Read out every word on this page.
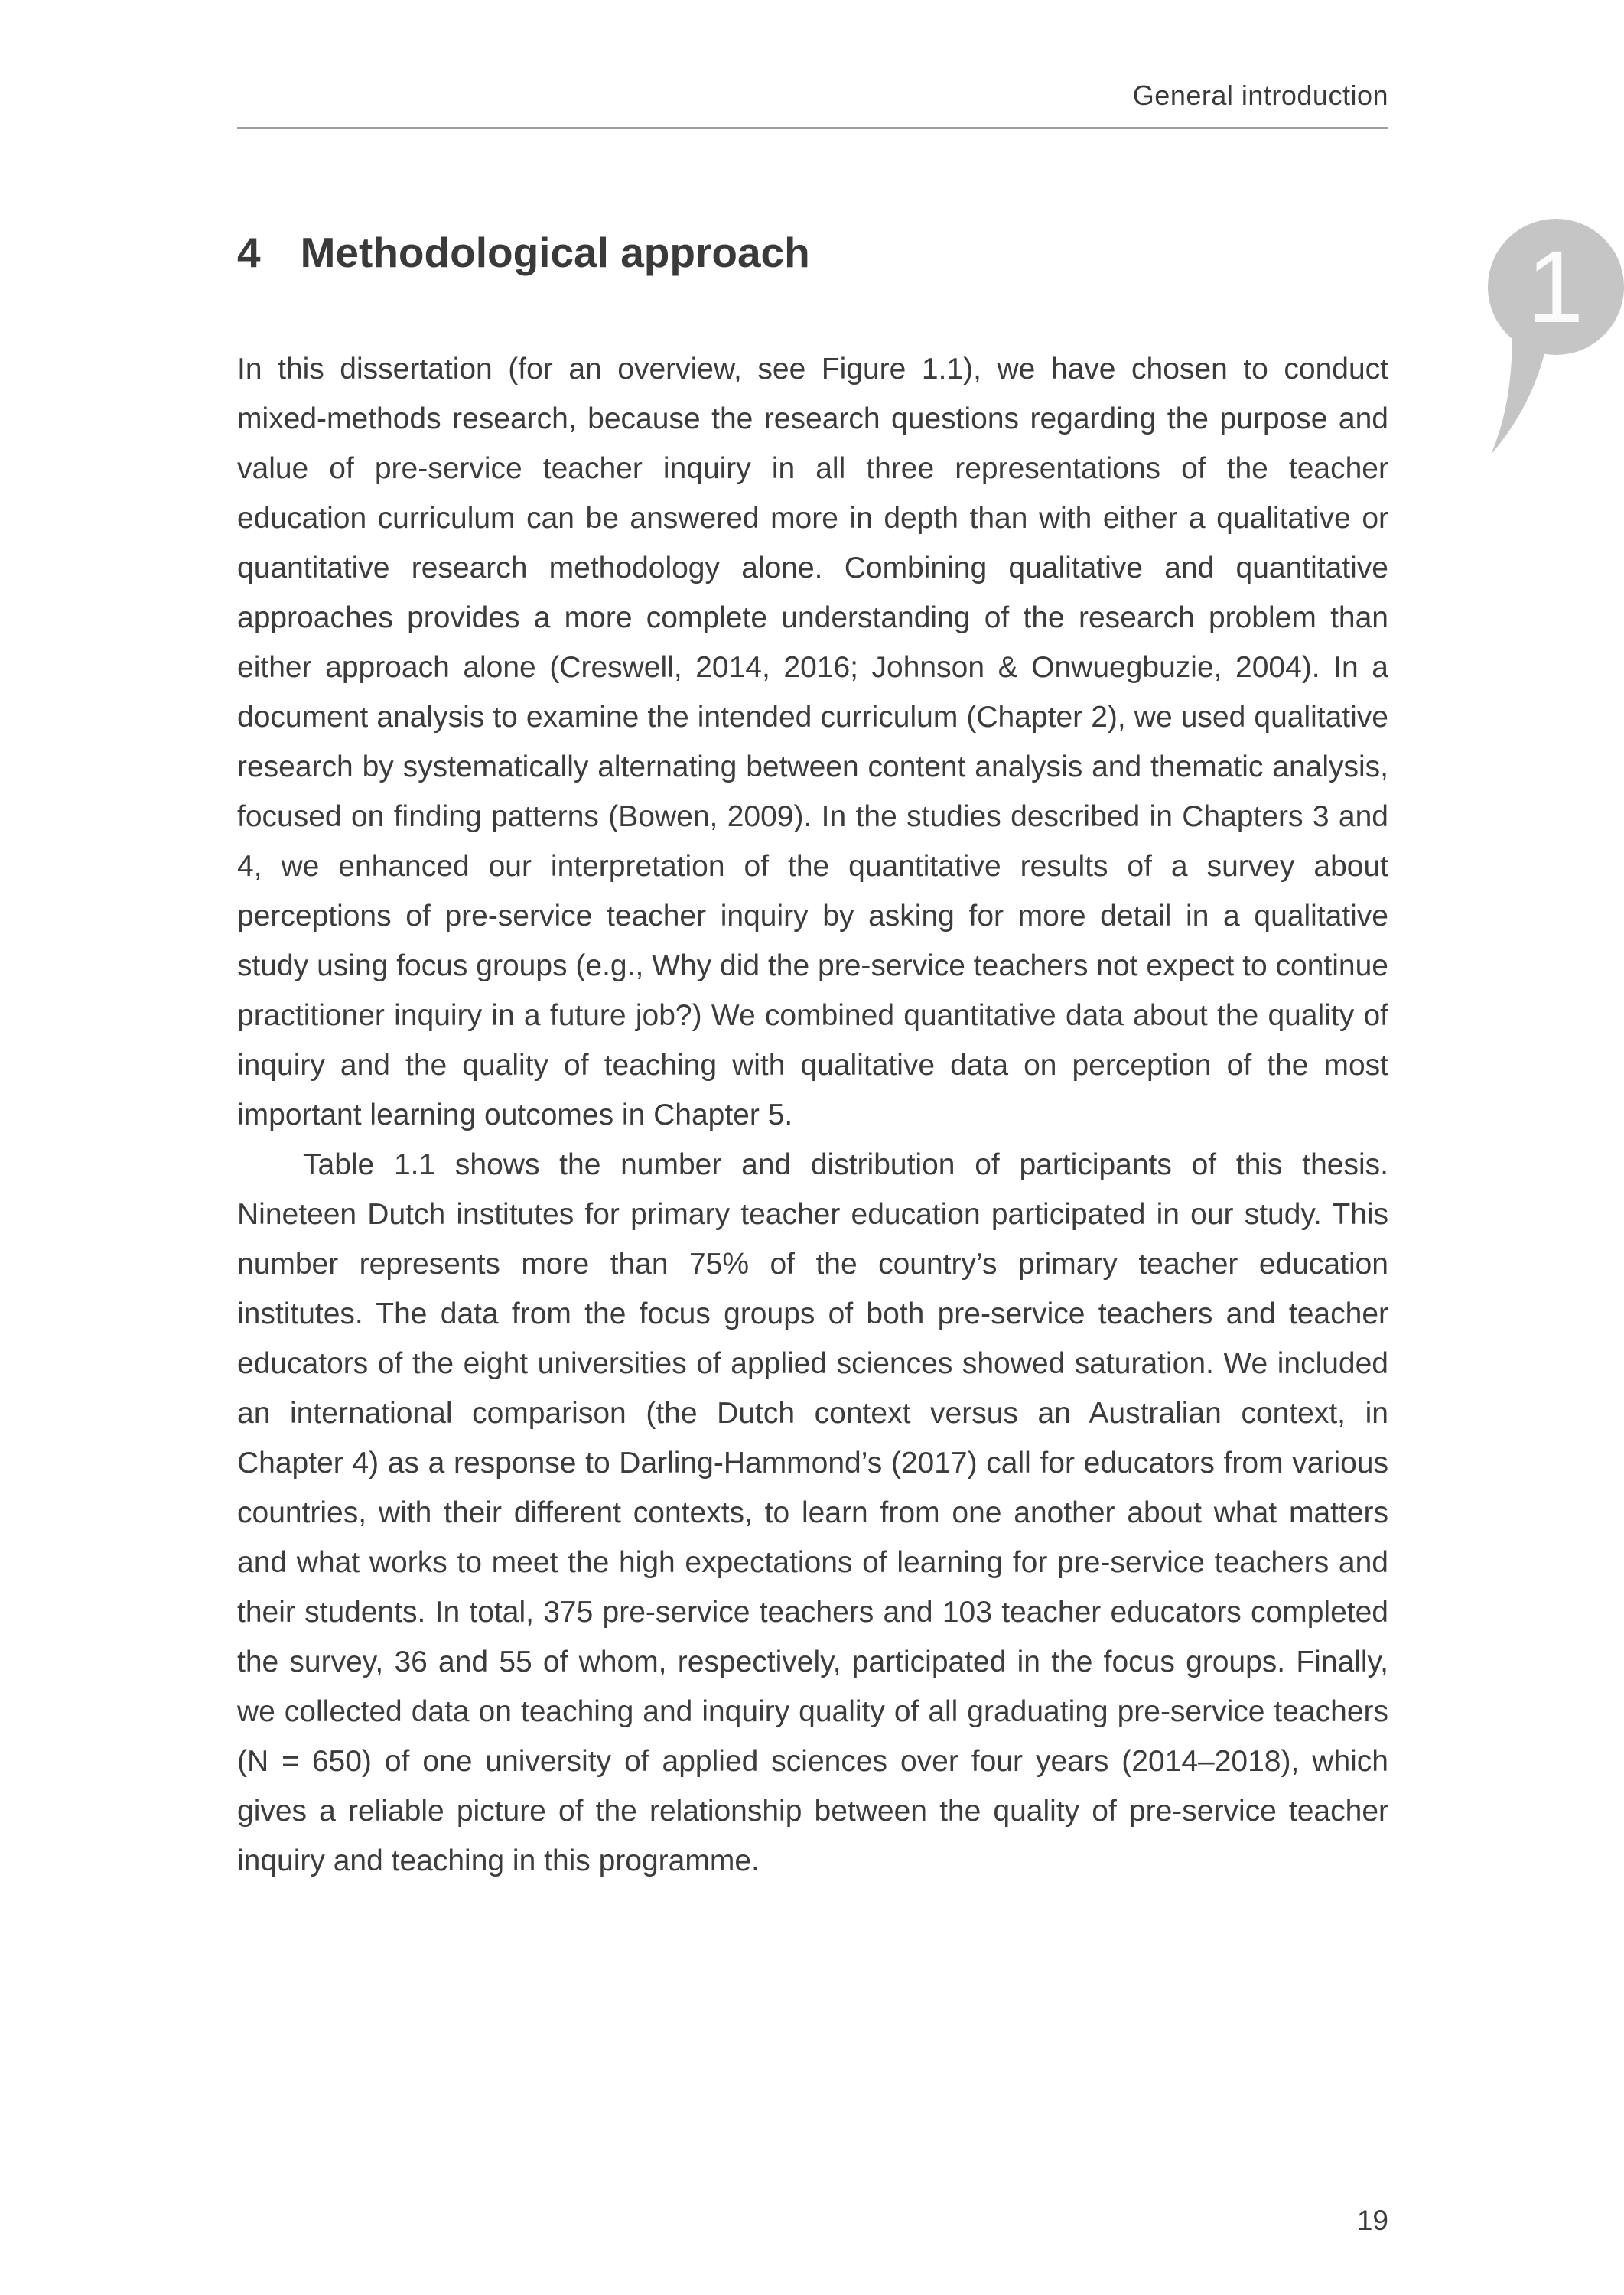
General introduction
1
4 Methodological approach

In this dissertation (for an overview, see Figure 1.1), we have chosen to conduct mixed-methods research, because the research questions regarding the purpose and value of pre-service teacher inquiry in all three representations of the teacher education curriculum can be answered more in depth than with either a qualitative or quantitative research methodology alone. Combining qualitative and quantitative approaches provides a more complete understanding of the research problem than either approach alone (Creswell, 2014, 2016; Johnson & Onwuegbuzie, 2004). In a document analysis to examine the intended curriculum (Chapter 2), we used qualitative research by systematically alternating between content analysis and thematic analysis, focused on finding patterns (Bowen, 2009). In the studies described in Chapters 3 and 4, we enhanced our interpretation of the quantitative results of a survey about perceptions of pre-service teacher inquiry by asking for more detail in a qualitative study using focus groups (e.g., Why did the pre-service teachers not expect to continue practitioner inquiry in a future job?) We combined quantitative data about the quality of inquiry and the quality of teaching with qualitative data on perception of the most important learning outcomes in Chapter 5.

Table 1.1 shows the number and distribution of participants of this thesis. Nineteen Dutch institutes for primary teacher education participated in our study. This number represents more than 75% of the country’s primary teacher education institutes. The data from the focus groups of both pre-service teachers and teacher educators of the eight universities of applied sciences showed saturation. We included an international comparison (the Dutch context versus an Australian context, in Chapter 4) as a response to Darling-Hammond’s (2017) call for educators from various countries, with their different contexts, to learn from one another about what matters and what works to meet the high expectations of learning for pre-service teachers and their students. In total, 375 pre-service teachers and 103 teacher educators completed the survey, 36 and 55 of whom, respectively, participated in the focus groups. Finally, we collected data on teaching and inquiry quality of all graduating pre-service teachers (N = 650) of one university of applied sciences over four years (2014–2018), which gives a reliable picture of the relationship between the quality of pre-service teacher inquiry and teaching in this programme.

19
